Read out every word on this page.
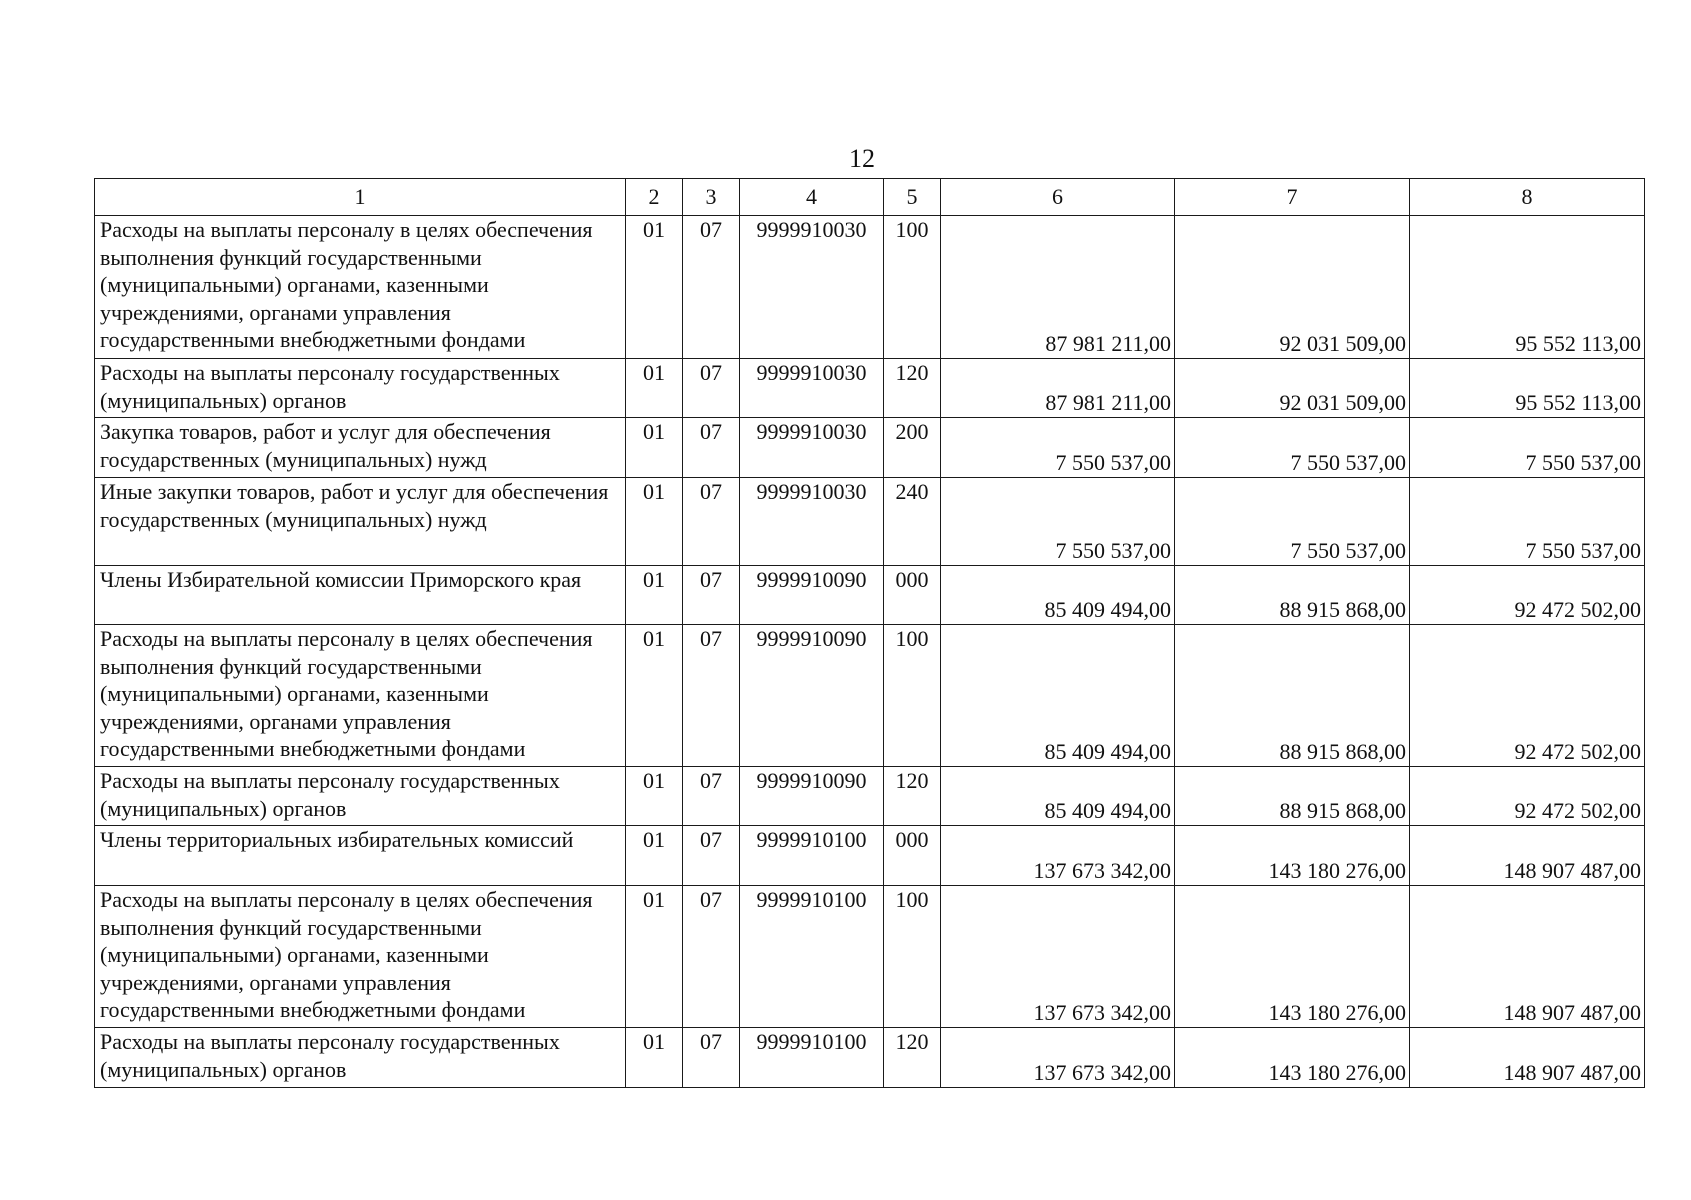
12
1	2	3	4	5	6	7	8
Расходы на выплаты персоналу в целях обеспечения выполнения функций государственными (муниципальными) органами, казенными учреждениями, органами управления государственными внебюджетными фондами	01	07	9999910030	100	87 981 211,00	92 031 509,00	95 552 113,00
Расходы на выплаты персоналу государственных (муниципальных) органов	01	07	9999910030	120	87 981 211,00	92 031 509,00	95 552 113,00
Закупка товаров, работ и услуг для обеспечения государственных (муниципальных) нужд	01	07	9999910030	200	7 550 537,00	7 550 537,00	7 550 537,00
Иные закупки товаров, работ и услуг для обеспечения государственных (муниципальных) нужд	01	07	9999910030	240	7 550 537,00	7 550 537,00	7 550 537,00
Члены Избирательной комиссии Приморского края	01	07	9999910090	000	85 409 494,00	88 915 868,00	92 472 502,00
Расходы на выплаты персоналу в целях обеспечения выполнения функций государственными (муниципальными) органами, казенными учреждениями, органами управления государственными внебюджетными фондами	01	07	9999910090	100	85 409 494,00	88 915 868,00	92 472 502,00
Расходы на выплаты персоналу государственных (муниципальных) органов	01	07	9999910090	120	85 409 494,00	88 915 868,00	92 472 502,00
Члены территориальных избирательных комиссий	01	07	9999910100	000	137 673 342,00	143 180 276,00	148 907 487,00
Расходы на выплаты персоналу в целях обеспечения выполнения функций государственными (муниципальными) органами, казенными учреждениями, органами управления государственными внебюджетными фондами	01	07	9999910100	100	137 673 342,00	143 180 276,00	148 907 487,00
Расходы на выплаты персоналу государственных (муниципальных) органов	01	07	9999910100	120	137 673 342,00	143 180 276,00	148 907 487,00
